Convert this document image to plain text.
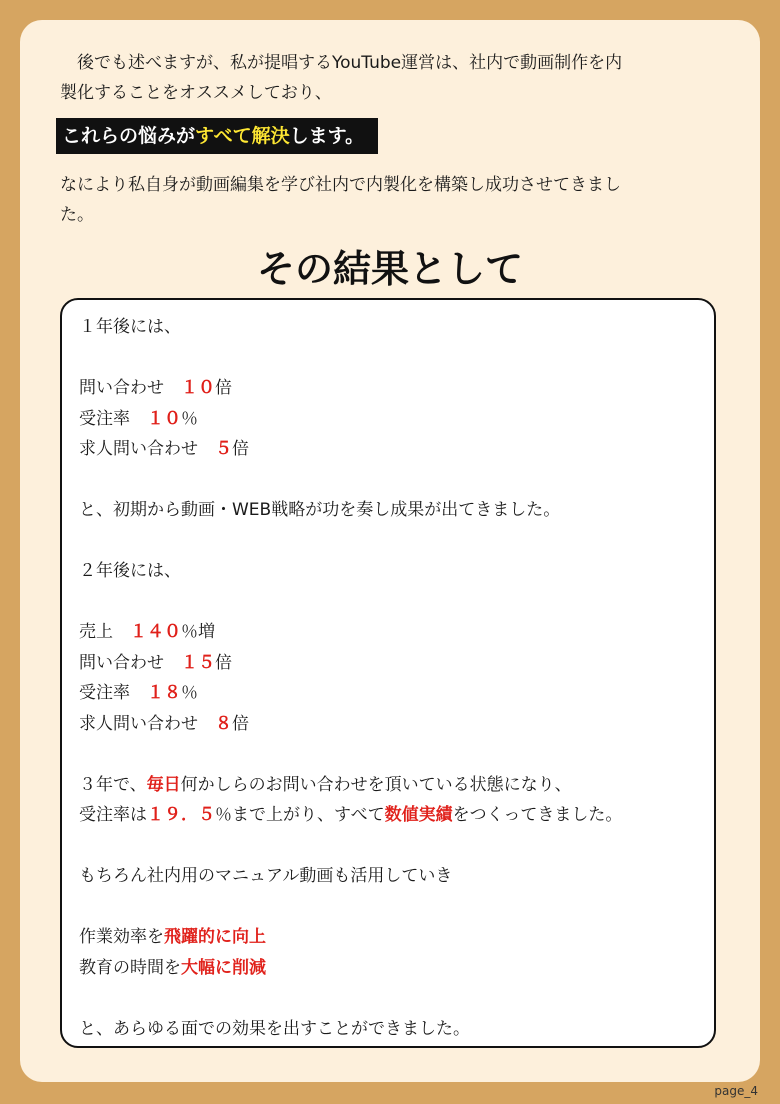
後でも述べますが、私が提唱するYouTube運営は、社内で動画制作を内

製化することをオススメしており、

これらの悩みがすべて解決します。

なにより私自身が動画編集を学び社内で内製化を構築し成功させてきまし

た。

その結果として
１年後には、
問い合わせ　１０倍
受注率　１０％
求人問い合わせ　５倍
と、初期から動画・WEB戦略が功を奏し成果が出てきました。
２年後には、
売上　１４０％増
問い合わせ　１５倍
受注率　１８％
求人問い合わせ　８倍
３年で、毎日何かしらのお問い合わせを頂いている状態になり、
受注率は１９．５％まで上がり、すべて数値実績をつくってきました。
もちろん社内用のマニュアル動画も活用していき
作業効率を飛躍的に向上
教育の時間を大幅に削減
と、あらゆる面での効果を出すことができました。
page_4
